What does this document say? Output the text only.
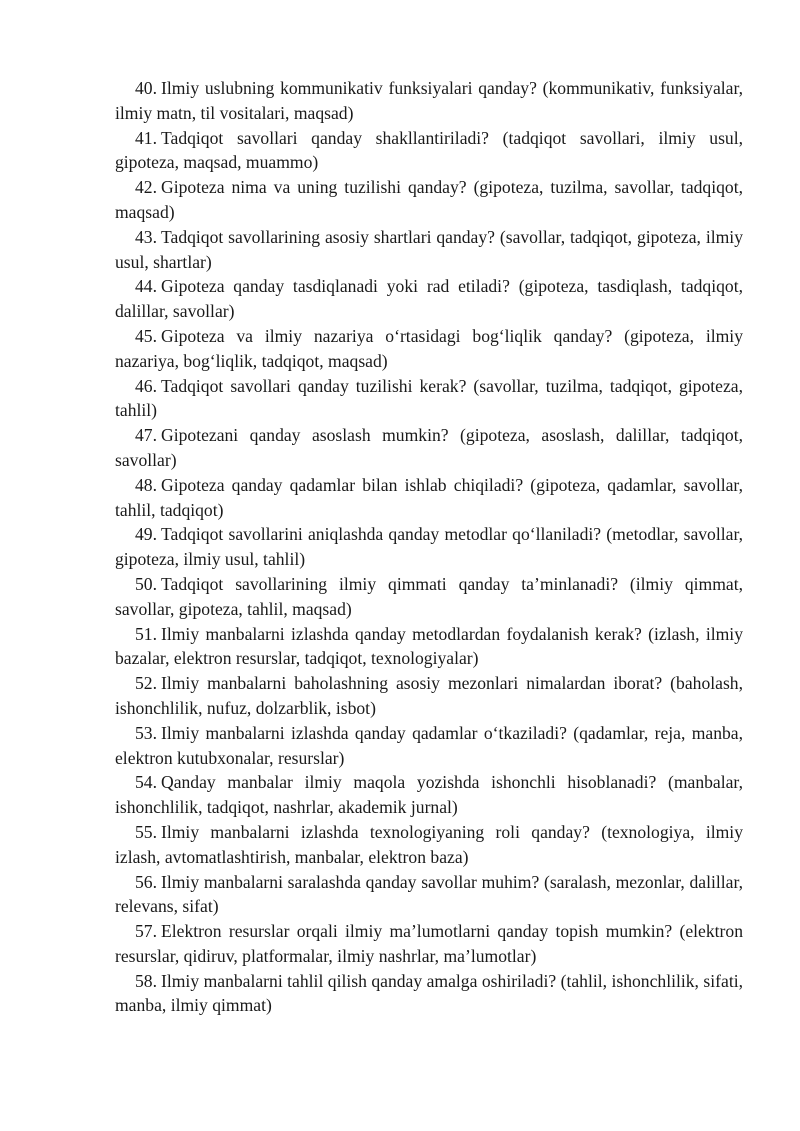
40. Ilmiy uslubning kommunikativ funksiyalari qanday? (kommunikativ, funksiyalar, ilmiy matn, til vositalari, maqsad)

41. Tadqiqot savollari qanday shakllantiriladi? (tadqiqot savollari, ilmiy usul, gipoteza, maqsad, muammo)

42. Gipoteza nima va uning tuzilishi qanday? (gipoteza, tuzilma, savollar, tadqiqot, maqsad)

43. Tadqiqot savollarining asosiy shartlari qanday? (savollar, tadqiqot, gipoteza, ilmiy usul, shartlar)

44. Gipoteza qanday tasdiqlanadi yoki rad etiladi? (gipoteza, tasdiqlash, tadqiqot, dalillar, savollar)

45. Gipoteza va ilmiy nazariya oʻrtasidagi bogʻliqlik qanday? (gipoteza, ilmiy nazariya, bogʻliqlik, tadqiqot, maqsad)

46. Tadqiqot savollari qanday tuzilishi kerak? (savollar, tuzilma, tadqiqot, gipoteza, tahlil)

47. Gipotezani qanday asoslash mumkin? (gipoteza, asoslash, dalillar, tadqiqot, savollar)

48. Gipoteza qanday qadamlar bilan ishlab chiqiladi? (gipoteza, qadamlar, savollar, tahlil, tadqiqot)

49. Tadqiqot savollarini aniqlashda qanday metodlar qoʻllaniladi? (metodlar, savollar, gipoteza, ilmiy usul, tahlil)

50. Tadqiqot savollarining ilmiy qimmati qanday taʼminlanadi? (ilmiy qimmat, savollar, gipoteza, tahlil, maqsad)

51. Ilmiy manbalarni izlashda qanday metodlardan foydalanish kerak? (izlash, ilmiy bazalar, elektron resurslar, tadqiqot, texnologiyalar)

52. Ilmiy manbalarni baholashning asosiy mezonlari nimalardan iborat? (baholash, ishonchlilik, nufuz, dolzarblik, isbot)

53. Ilmiy manbalarni izlashda qanday qadamlar oʻtkaziladi? (qadamlar, reja, manba, elektron kutubxonalar, resurslar)

54. Qanday manbalar ilmiy maqola yozishda ishonchli hisoblanadi? (manbalar, ishonchlilik, tadqiqot, nashrlar, akademik jurnal)

55. Ilmiy manbalarni izlashda texnologiyaning roli qanday? (texnologiya, ilmiy izlash, avtomatlashtirish, manbalar, elektron baza)

56. Ilmiy manbalarni saralashda qanday savollar muhim? (saralash, mezonlar, dalillar, relevans, sifat)

57. Elektron resurslar orqali ilmiy maʼlumotlarni qanday topish mumkin? (elektron resurslar, qidiruv, platformalar, ilmiy nashrlar, maʼlumotlar)

58. Ilmiy manbalarni tahlil qilish qanday amalga oshiriladi? (tahlil, ishonchlilik, sifati, manba, ilmiy qimmat)
